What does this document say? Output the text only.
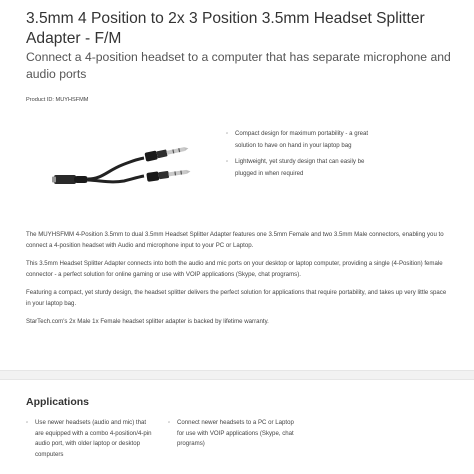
3.5mm 4 Position to 2x 3 Position 3.5mm Headset Splitter Adapter - F/M
Connect a 4-position headset to a computer that has separate microphone and audio ports
Product ID: MUYHSFMM
◦ Compact design for maximum portability - a great solution to have on hand in your laptop bag
◦ Lightweight, yet sturdy design that can easily be plugged in when required

The MUYHSFMM 4-Position 3.5mm to dual 3.5mm Headset Splitter Adapter features one 3.5mm Female and two 3.5mm Male connectors, enabling you to connect a 4-position headset with Audio and microphone input to your PC or Laptop.

This 3.5mm Headset Splitter Adapter connects into both the audio and mic ports on your desktop or laptop computer, providing a single (4-Position) female connector - a perfect solution for online gaming or use with VOIP applications (Skype, chat programs).

Featuring a compact, yet sturdy design, the headset splitter delivers the perfect solution for applications that require portability, and takes up very little space in your laptop bag.

StarTech.com's 2x Male 1x Female headset splitter adapter is backed by lifetime warranty.

Applications
◦ Use newer headsets (audio and mic) that are equipped with a combo 4-position/4-pin audio port, with older laptop or desktop computers
◦ Connect newer headsets to a PC or Laptop for use with VOIP applications (Skype, chat programs)
